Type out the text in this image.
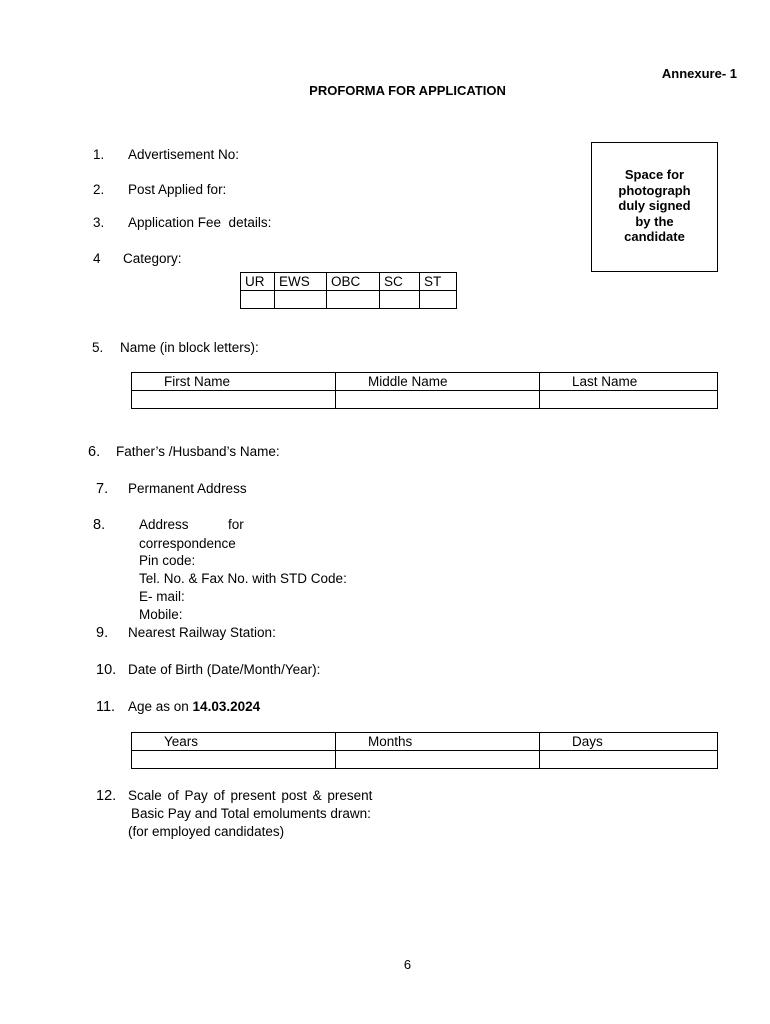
Annexure- 1
PROFORMA FOR APPLICATION
Space for
photograph
duly signed
by the
candidate
1. Advertisement No:
2. Post Applied for:
3. Application Fee  details:
4 Category:
UR	EWS	OBC	SC	ST

5. Name (in block letters):
First Name	Middle Name	Last Name

6. Father’s /Husband’s Name:
7. Permanent Address
8.	Address	for
correspondence
Pin code:
Tel. No. & Fax No. with STD Code:
E- mail:
Mobile:
9. Nearest Railway Station:
10. Date of Birth (Date/Month/Year):
11. Age as on 14.03.2024
Years	Months	Days

12. Scale of Pay of present post & present
Basic Pay and Total emoluments drawn:
(for employed candidates)
6
